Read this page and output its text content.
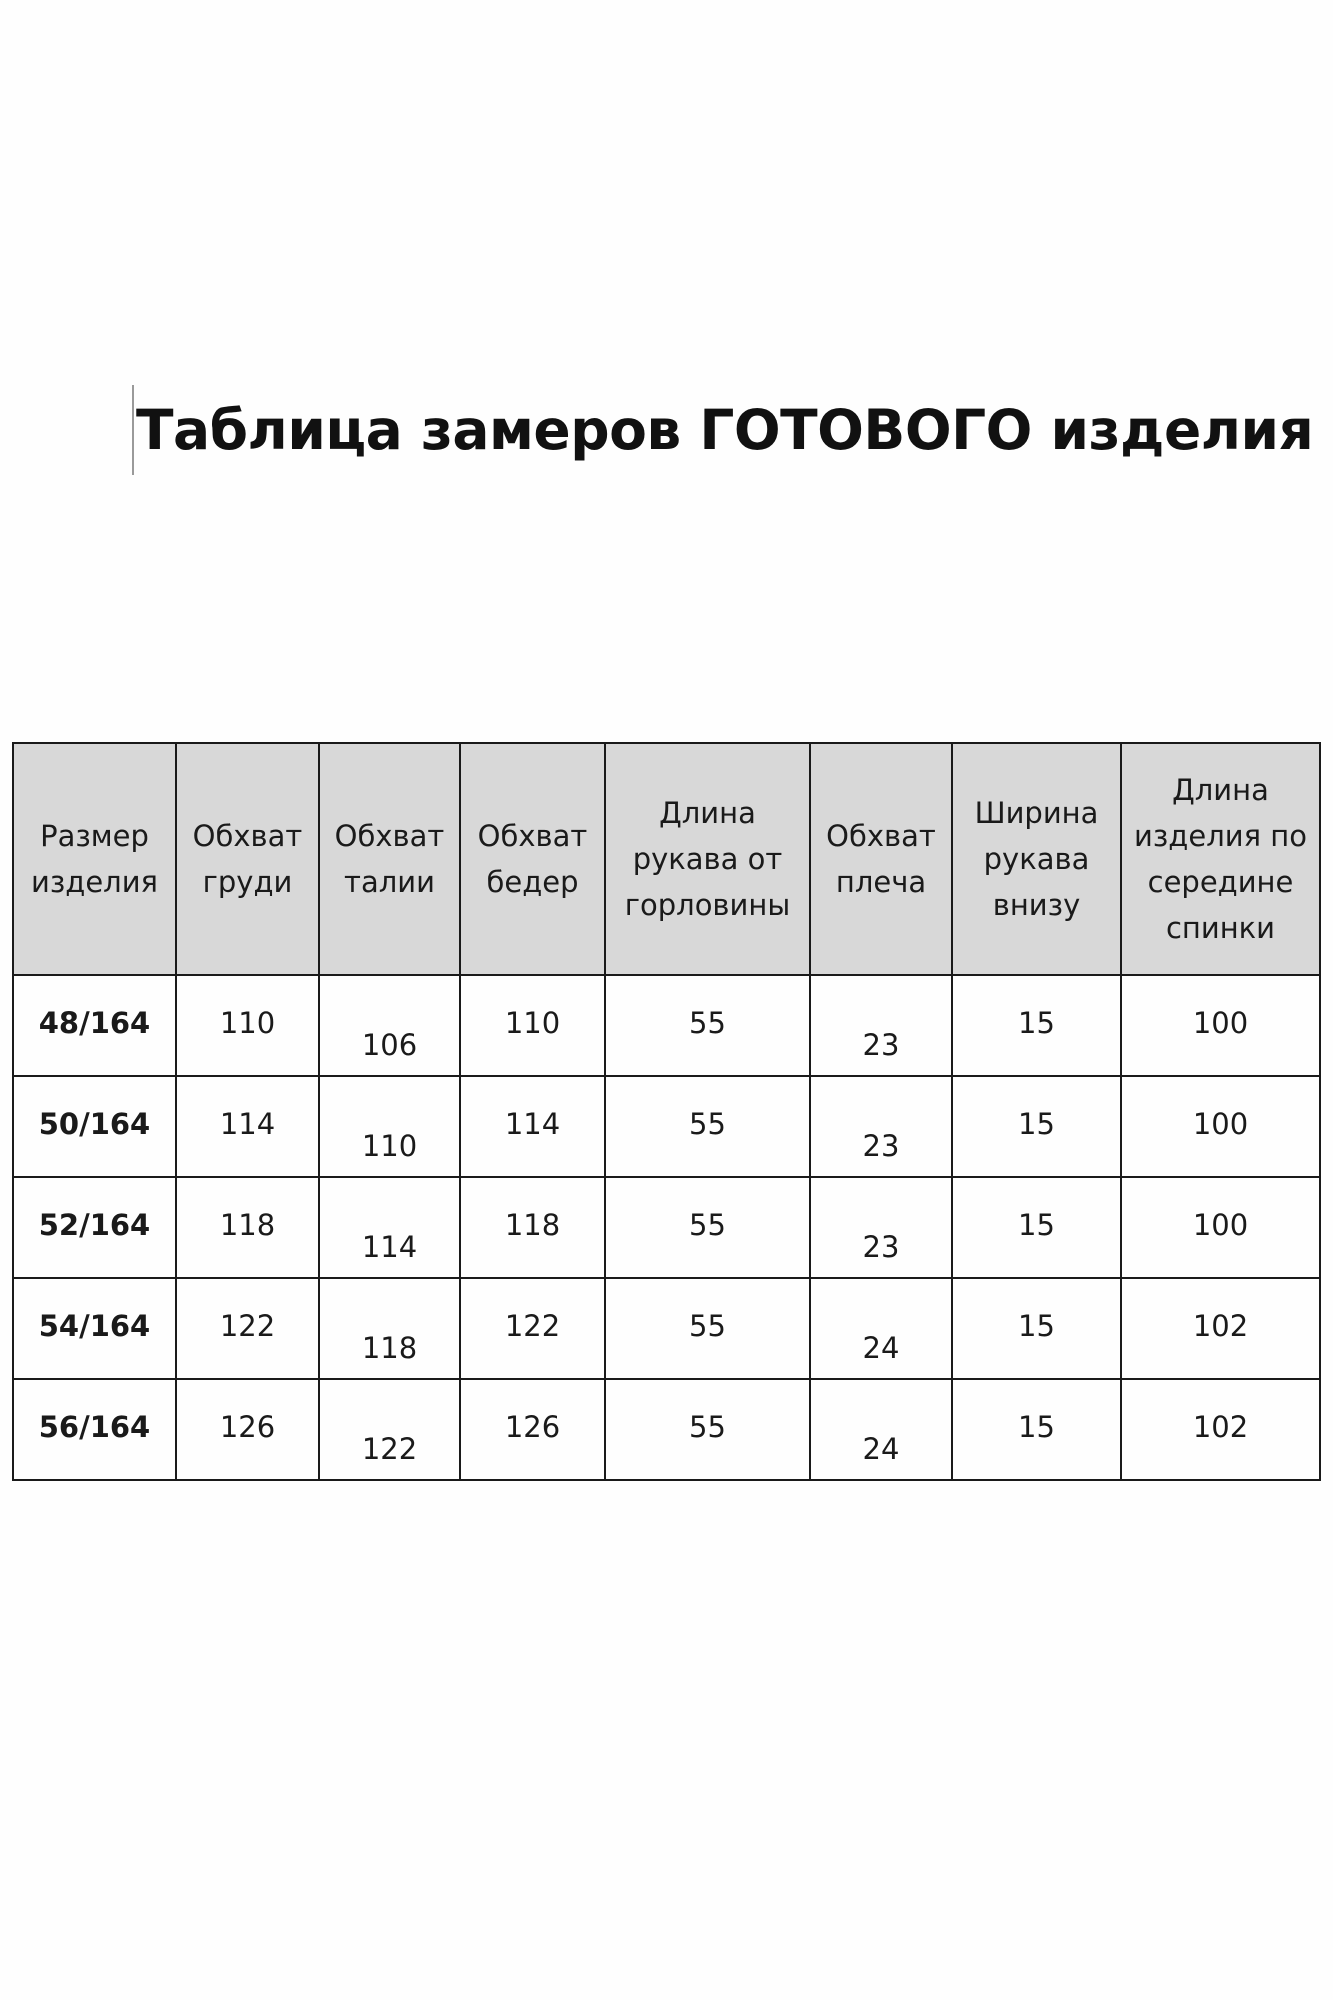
Таблица замеров ГОТОВОГО изделия
Размер изделия	Обхват груди	Обхват талии	Обхват бедер	Длина рукава от горловины	Обхват плеча	Ширина рукава внизу	Длина изделия по середине спинки

48/164	110	106	110	55	23	15	100

50/164	114	110	114	55	23	15	100

52/164	118	114	118	55	23	15	100

54/164	122	118	122	55	24	15	102

56/164	126	122	126	55	24	15	102
